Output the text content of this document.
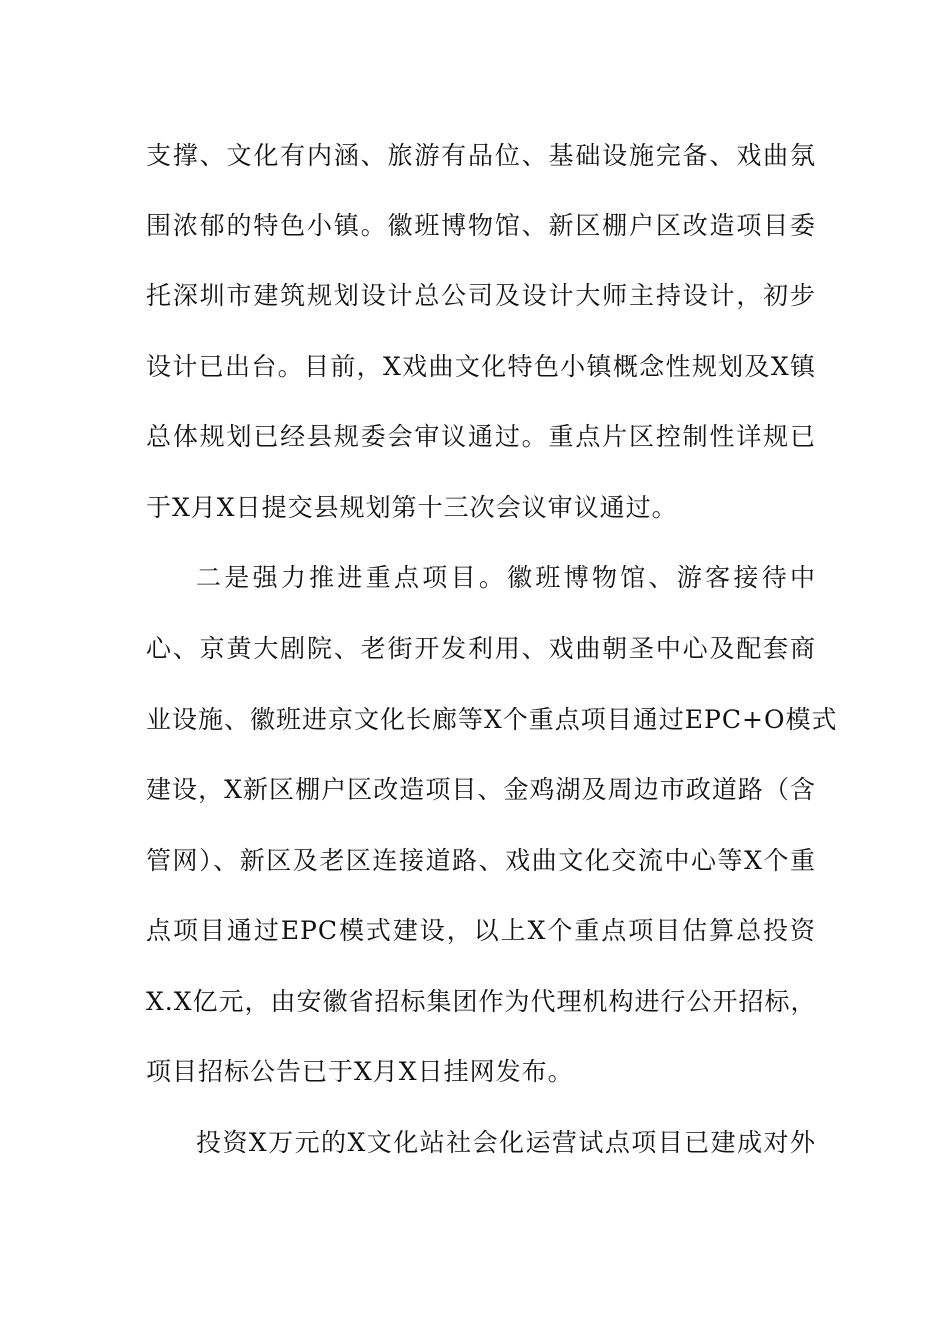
支撑、文化有内涵、旅游有品位、基础设施完备、戏曲氛
围浓郁的特色小镇。徽班博物馆、新区棚户区改造项目委
托深圳市建筑规划设计总公司及设计大师主持设计，初步
设计已出台。目前，X戏曲文化特色小镇概念性规划及X镇
总体规划已经县规委会审议通过。重点片区控制性详规已
于X月X日提交县规划第十三次会议审议通过。
二是强力推进重点项目。徽班博物馆、游客接待中
心、京黄大剧院、老街开发利用、戏曲朝圣中心及配套商
业设施、徽班进京文化长廊等X个重点项目通过EPC+O模式
建设，X新区棚户区改造项目、金鸡湖及周边市政道路（含
管网）、新区及老区连接道路、戏曲文化交流中心等X个重
点项目通过EPC模式建设，以上X个重点项目估算总投资
X.X亿元，由安徽省招标集团作为代理机构进行公开招标，
项目招标公告已于X月X日挂网发布。
投资X万元的X文化站社会化运营试点项目已建成对外
